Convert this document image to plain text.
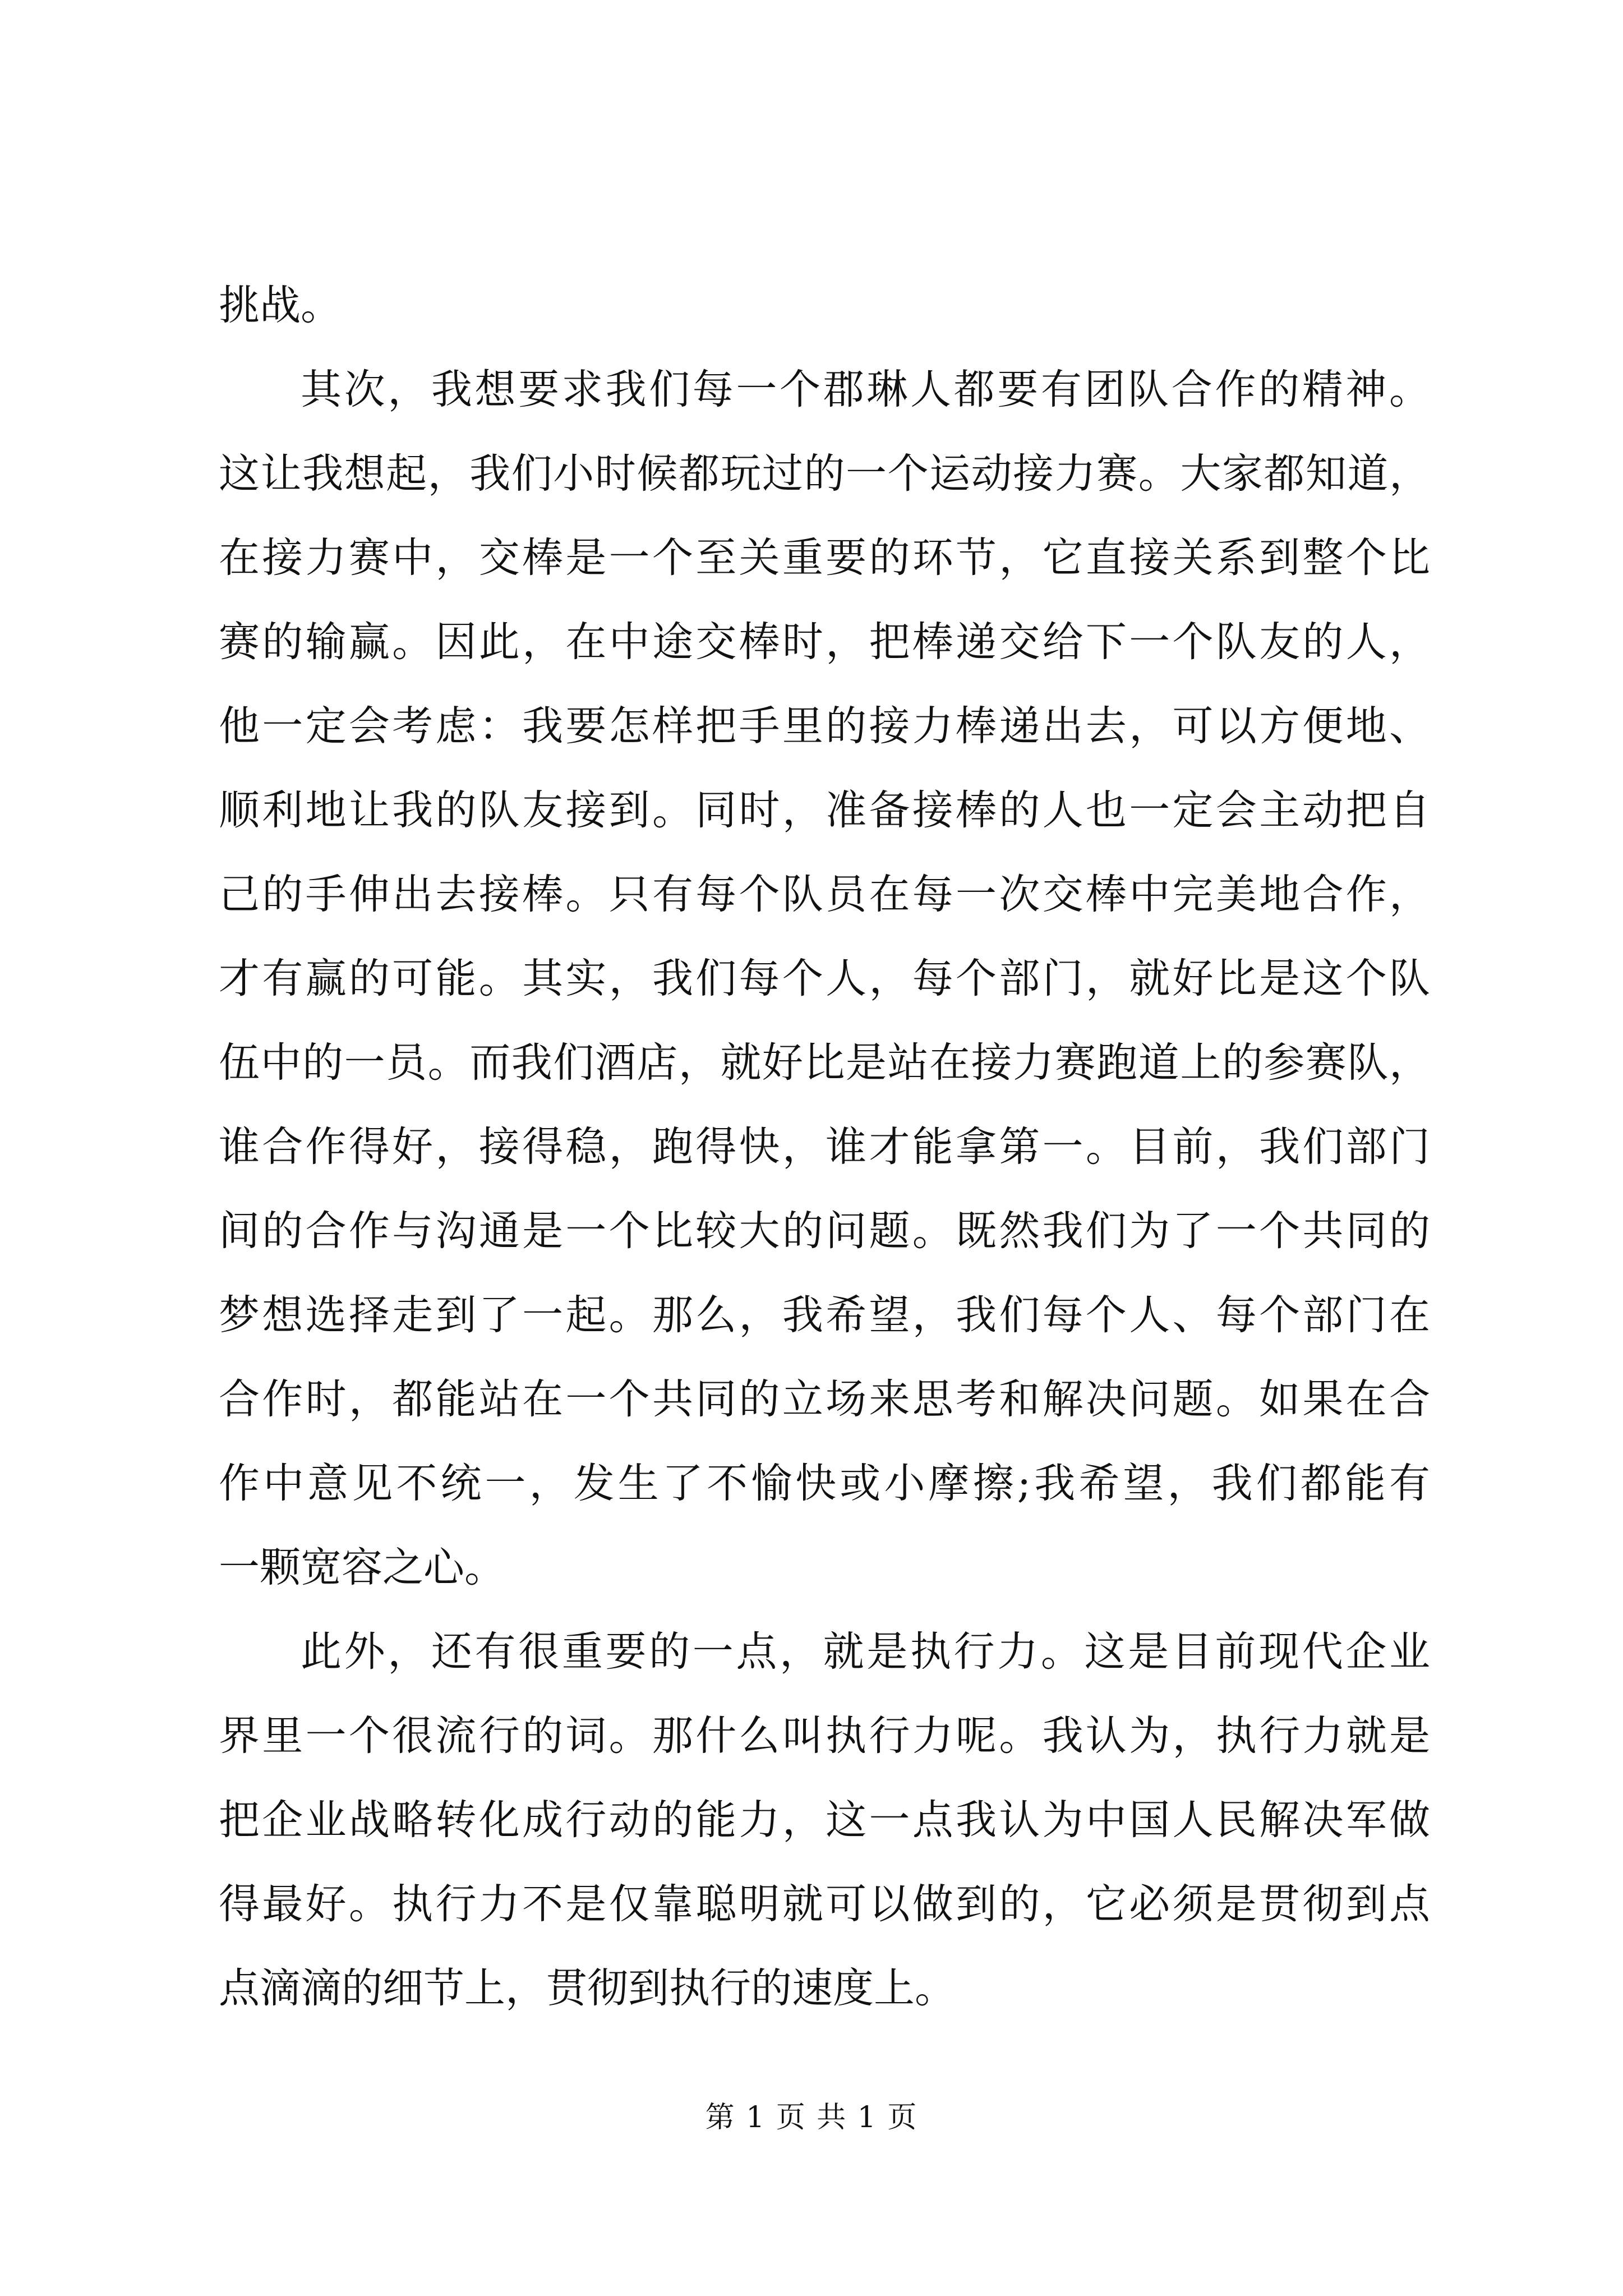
挑战。
其次，我想要求我们每一个郡琳人都要有团队合作的精神。
这让我想起，我们小时候都玩过的一个运动接力赛。大家都知道，
在接力赛中，交棒是一个至关重要的环节，它直接关系到整个比
赛的输赢。因此，在中途交棒时，把棒递交给下一个队友的人，
他一定会考虑：我要怎样把手里的接力棒递出去，可以方便地、
顺利地让我的队友接到。同时，准备接棒的人也一定会主动把自
己的手伸出去接棒。只有每个队员在每一次交棒中完美地合作，
才有赢的可能。其实，我们每个人，每个部门，就好比是这个队
伍中的一员。而我们酒店，就好比是站在接力赛跑道上的参赛队，
谁合作得好，接得稳，跑得快，谁才能拿第一。目前，我们部门
间的合作与沟通是一个比较大的问题。既然我们为了一个共同的
梦想选择走到了一起。那么，我希望，我们每个人、每个部门在
合作时，都能站在一个共同的立场来思考和解决问题。如果在合
作中意见不统一，发生了不愉快或小摩擦;我希望，我们都能有
一颗宽容之心。
此外，还有很重要的一点，就是执行力。这是目前现代企业
界里一个很流行的词。那什么叫执行力呢。我认为，执行力就是
把企业战略转化成行动的能力，这一点我认为中国人民解决军做
得最好。执行力不是仅靠聪明就可以做到的，它必须是贯彻到点
点滴滴的细节上，贯彻到执行的速度上。
第 1 页 共 1 页
